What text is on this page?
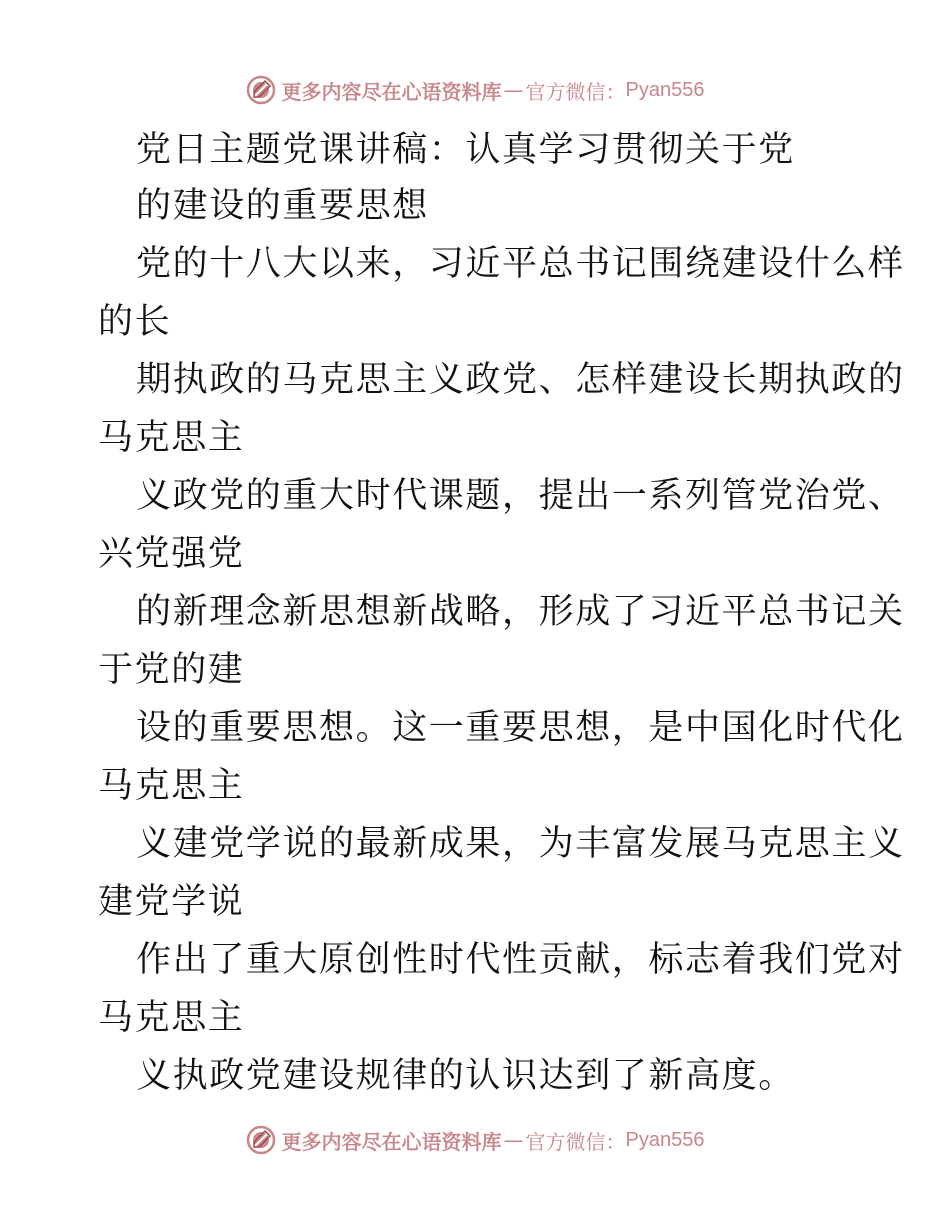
更多内容尽在心语资料库 — 官方微信： Pyan556
党日主题党课讲稿：认真学习贯彻关于党
的建设的重要思想
党的十八大以来，习近平总书记围绕建设什么样
的长
期执政的马克思主义政党、怎样建设长期执政的
马克思主
义政党的重大时代课题，提出一系列管党治党、
兴党强党
的新理念新思想新战略，形成了习近平总书记关
于党的建
设的重要思想。这一重要思想，是中国化时代化
马克思主
义建党学说的最新成果，为丰富发展马克思主义
建党学说
作出了重大原创性时代性贡献，标志着我们党对
马克思主
义执政党建设规律的认识达到了新高度。
更多内容尽在心语资料库 — 官方微信： Pyan556
